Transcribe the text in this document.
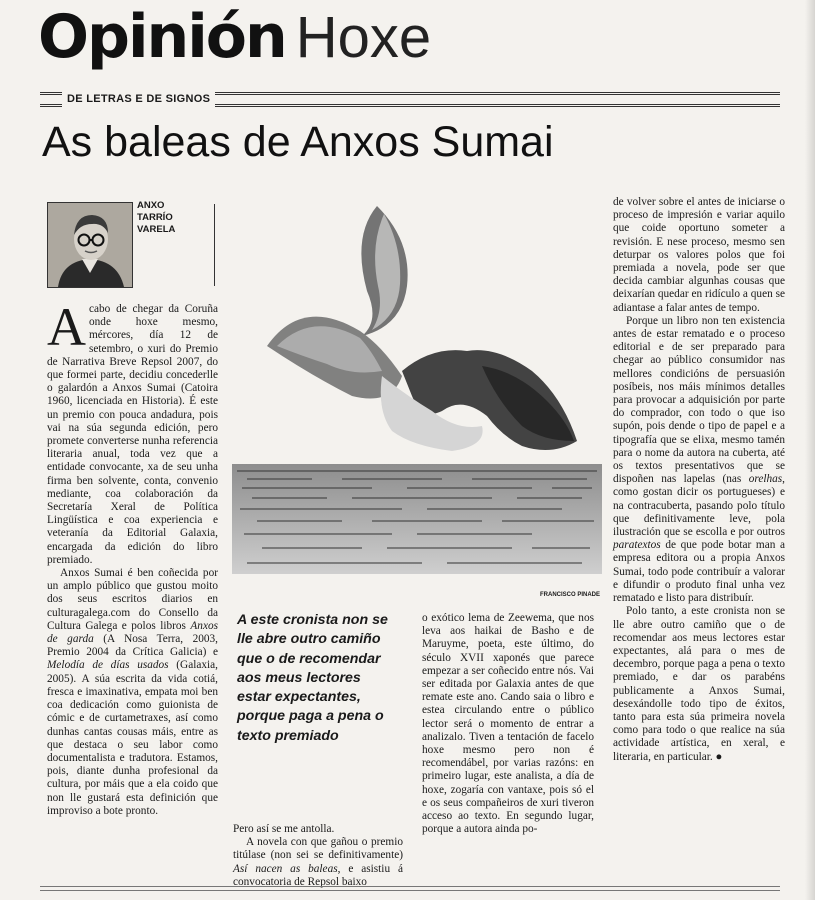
Opinión Hoxe
DE LETRAS E DE SIGNOS
As baleas de Anxos Sumai
ANXO
TARRÍO
VARELA

Acabo de chegar da Coruña onde hoxe mesmo, mércores, día 12 de setembro, o xuri do Premio de Narrativa Breve Repsol 2007, do que formei parte, decidiu concederlle o galardón a Anxos Sumai (Catoira 1960, licenciada en Historia). É este un premio con pouca andadura, pois vai na súa segunda edición, pero promete converterse nunha referencia literaria anual, toda vez que a entidade convocante, xa de seu unha firma ben solvente, conta, convenio mediante, coa colaboración da Secretaría Xeral de Política Lingüística e coa experiencia e veteranía da Editorial Galaxia, encargada da edición do libro premiado.

Anxos Sumai é ben coñecida por un amplo público que gustou moito dos seus escritos diarios en culturagalega.com do Consello da Cultura Galega e polos libros Anxos de garda (A Nosa Terra, 2003, Premio 2004 da Crítica Galicia) e Melodía de días usados (Galaxia, 2005). A súa escrita da vida cotiá, fresca e imaxinativa, empata moi ben coa dedicación como guionista de cómic e de curtametraxes, así como dunhas cantas cousas máis, entre as que destaca o seu labor como documentalista e tradutora. Estamos, pois, diante dunha profesional da cultura, por máis que a ela coido que non lle gustará esta definición que improviso a bote pronto.

FRANCISCO PINADE
A este cronista non se
lle abre outro camiño
que o de recomendar
aos meus lectores
estar expectantes,
porque paga a pena o
texto premiado

Pero así se me antolla.

A novela con que gañou o premio titúlase (non sei se definitivamente) Así nacen as baleas, e asistiu á convocatoria de Repsol baixo

o exótico lema de Zeewema, que nos leva aos haikai de Basho e de Maruyme, poeta, este último, do século XVII xaponés que parece empezar a ser coñecido entre nós. Vai ser editada por Galaxia antes de que remate este ano. Cando saia o libro e estea circulando entre o público lector será o momento de entrar a analizalo. Tiven a tentación de facelo hoxe mesmo pero non é recomendábel, por varias razóns: en primeiro lugar, este analista, a día de hoxe, zogaría con vantaxe, pois só el e os seus compañeiros de xuri tiveron acceso ao texto. En segundo lugar, porque a autora ainda po-

de volver sobre el antes de iniciarse o proceso de impresión e variar aquilo que coide oportuno someter a revisión. E nese proceso, mesmo sen deturpar os valores polos que foi premiada a novela, pode ser que decida cambiar algunhas cousas que deixarían quedar en ridículo a quen se adiantase a falar antes de tempo.

Porque un libro non ten existencia antes de estar rematado e o proceso editorial e de ser preparado para chegar ao público consumidor nas mellores condicións de persuasión posíbeis, nos máis mínimos detalles para provocar a adquisición por parte do comprador, con todo o que iso supón, pois dende o tipo de papel e a tipografía que se elixa, mesmo tamén para o nome da autora na cuberta, até os textos presentativos que se dispoñen nas lapelas (nas orelhas, como gostan dicir os portugueses) e na contracuberta, pasando polo título que definitivamente leve, pola ilustración que se escolla e por outros paratextos de que pode botar man a empresa editora ou a propia Anxos Sumai, todo pode contribuír a valorar e difundir o produto final unha vez rematado e listo para distribuír.

Polo tanto, a este cronista non se lle abre outro camiño que o de recomendar aos meus lectores estar expectantes, alá para o mes de decembro, porque paga a pena o texto premiado, e dar os parabéns publicamente a Anxos Sumai, desexándolle todo tipo de éxitos, tanto para esta súa primeira novela como para todo o que realice na súa actividade artística, en xeral, e literaria, en particular. ●
